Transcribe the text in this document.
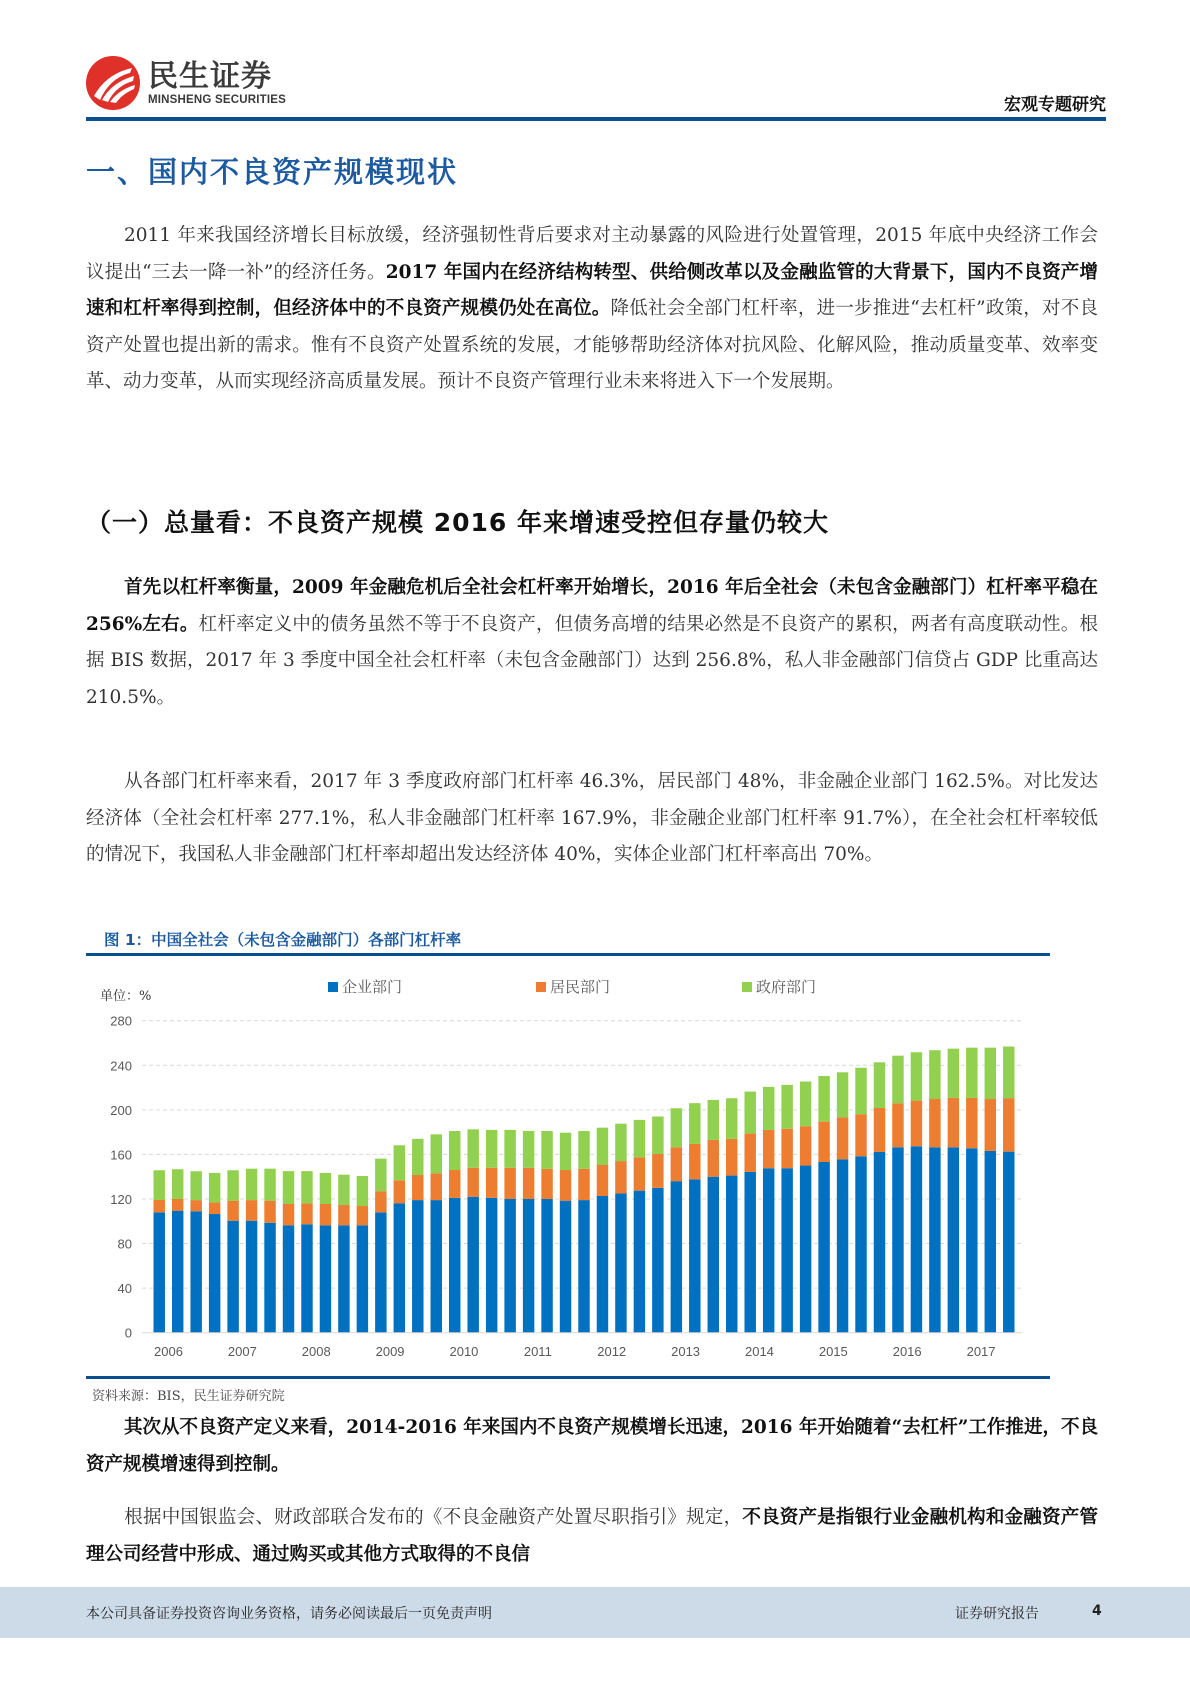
民生证券
MINSHENG SECURITIES	宏观专题研究
一、国内不良资产规模现状
2011 年来我国经济增长目标放缓，经济强韧性背后要求对主动暴露的风险进行处置管理，2015 年底中央经济工作会议提出“三去一降一补”的经济任务。2017 年国内在经济结构转型、供给侧改革以及金融监管的大背景下，国内不良资产增速和杠杆率得到控制，但经济体中的不良资产规模仍处在高位。降低社会全部门杠杆率，进一步推进“去杠杆”政策，对不良资产处置也提出新的需求。惟有不良资产处置系统的发展，才能够帮助经济体对抗风险、化解风险，推动质量变革、效率变革、动力变革，从而实现经济高质量发展。预计不良资产管理行业未来将进入下一个发展期。
（一）总量看：不良资产规模 2016 年来增速受控但存量仍较大
首先以杠杆率衡量，2009 年金融危机后全社会杠杆率开始增长，2016 年后全社会（未包含金融部门）杠杆率平稳在 256%左右。杠杆率定义中的债务虽然不等于不良资产，但债务高增的结果必然是不良资产的累积，两者有高度联动性。根据 BIS 数据，2017 年 3 季度中国全社会杠杆率（未包含金融部门）达到 256.8%，私人非金融部门信贷占 GDP 比重高达 210.5%。
从各部门杠杆率来看，2017 年 3 季度政府部门杠杆率 46.3%，居民部门 48%，非金融企业部门 162.5%。对比发达经济体（全社会杠杆率 277.1%，私人非金融部门杠杆率 167.9%，非金融企业部门杠杆率 91.7%），在全社会杠杆率较低的情况下，我国私人非金融部门杠杆率却超出发达经济体 40%，实体企业部门杠杆率高出 70%。
图 1：中国全社会（未包含金融部门）各部门杠杆率
单位：%
0
40
80
120
160
200
240
280
2006	2007	2008	2009	2010	2011	2012	2013	2014	2015	2016	2017
企业部门	居民部门	政府部门
资料来源：BIS，民生证券研究院
其次从不良资产定义来看，2014-2016 年来国内不良资产规模增长迅速，2016 年开始随着“去杠杆”工作推进，不良资产规模增速得到控制。
根据中国银监会、财政部联合发布的《不良金融资产处置尽职指引》规定，不良资产是指银行业金融机构和金融资产管理公司经营中形成、通过购买或其他方式取得的不良信
本公司具备证券投资咨询业务资格，请务必阅读最后一页免责声明	证券研究报告	4
